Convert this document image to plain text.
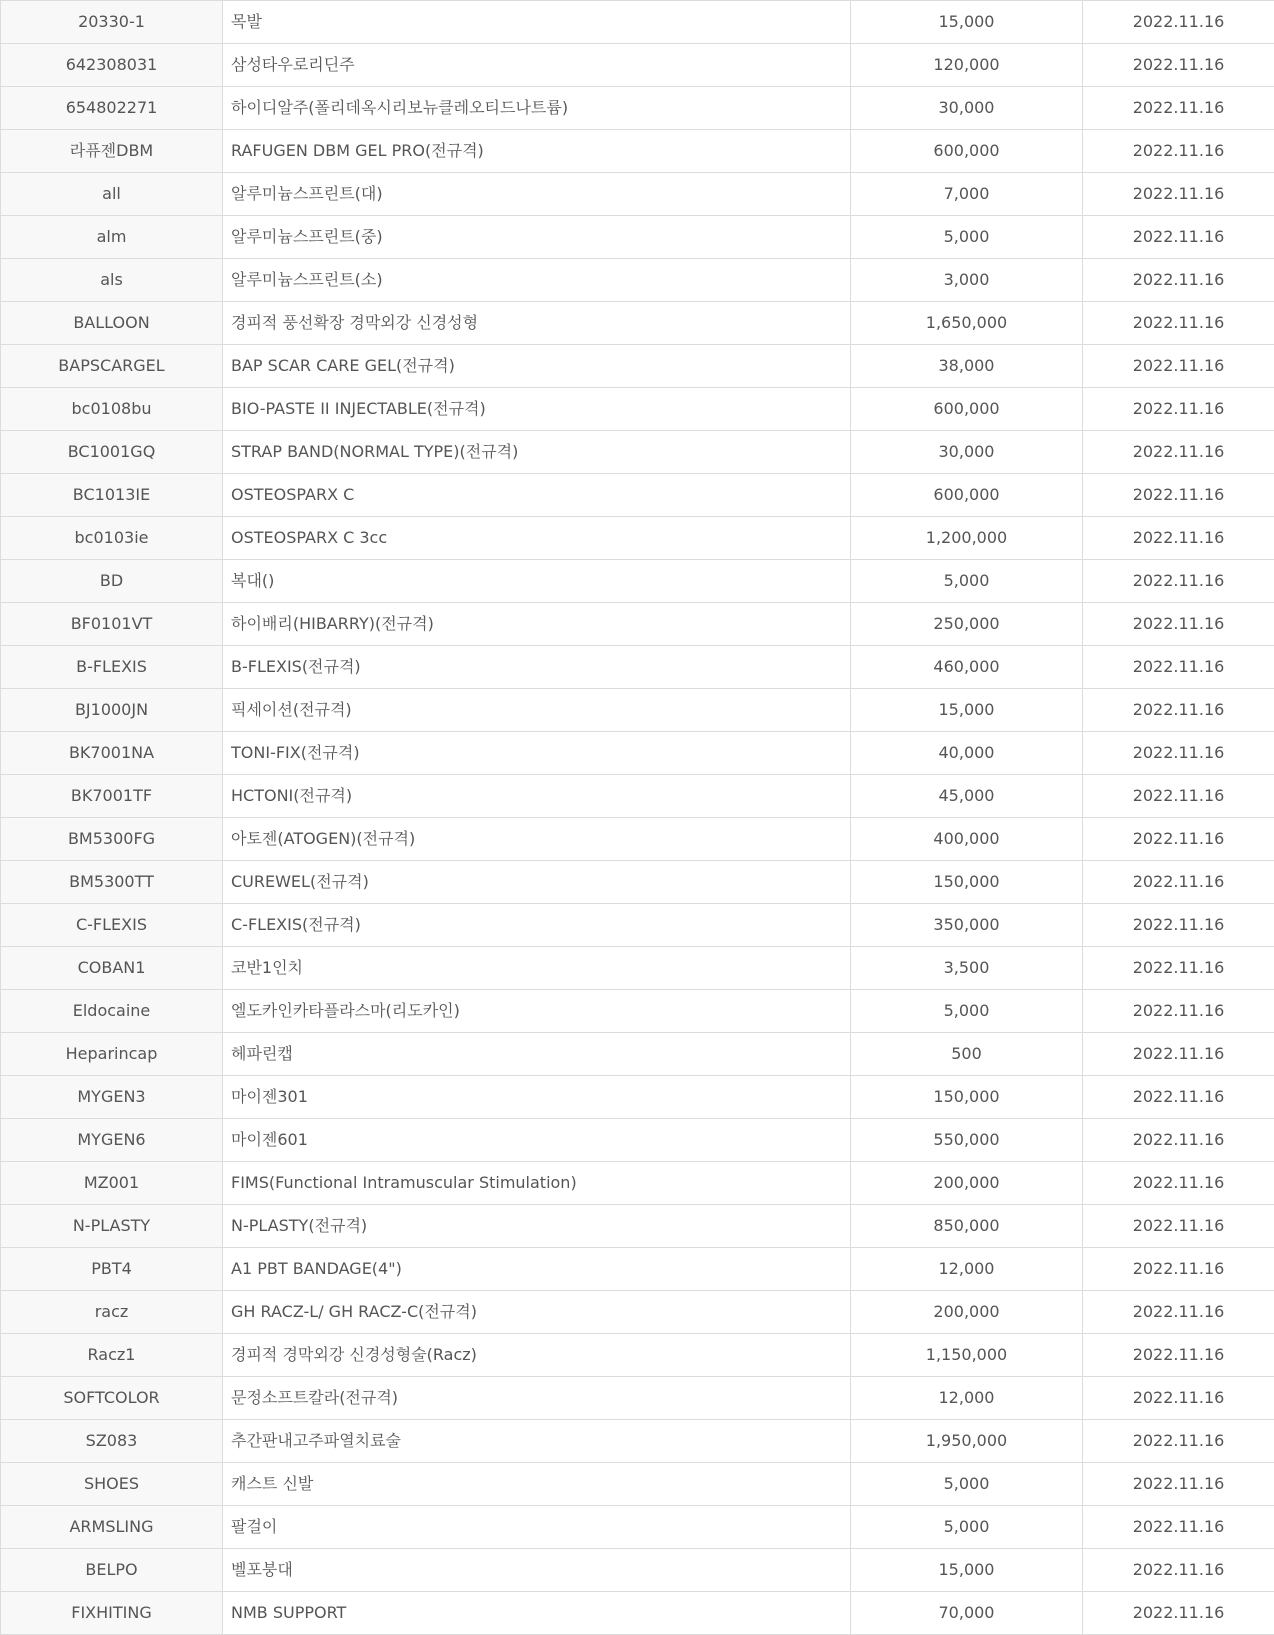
20330-1	목발	15,000	2022.11.16
642308031	삼성타우로리딘주	120,000	2022.11.16
654802271	하이디알주(폴리데옥시리보뉴클레오티드나트륨)	30,000	2022.11.16
라퓨젠DBM	RAFUGEN DBM GEL PRO(전규격)	600,000	2022.11.16
all	알루미늄스프린트(대)	7,000	2022.11.16
alm	알루미늄스프린트(중)	5,000	2022.11.16
als	알루미늄스프린트(소)	3,000	2022.11.16
BALLOON	경피적 풍선확장 경막외강 신경성형	1,650,000	2022.11.16
BAPSCARGEL	BAP SCAR CARE GEL(전규격)	38,000	2022.11.16
bc0108bu	BIO-PASTE II INJECTABLE(전규격)	600,000	2022.11.16
BC1001GQ	STRAP BAND(NORMAL TYPE)(전규격)	30,000	2022.11.16
BC1013IE	OSTEOSPARX C	600,000	2022.11.16
bc0103ie	OSTEOSPARX C 3cc	1,200,000	2022.11.16
BD	복대()	5,000	2022.11.16
BF0101VT	하이배리(HIBARRY)(전규격)	250,000	2022.11.16
B-FLEXIS	B-FLEXIS(전규격)	460,000	2022.11.16
BJ1000JN	픽세이션(전규격)	15,000	2022.11.16
BK7001NA	TONI-FIX(전규격)	40,000	2022.11.16
BK7001TF	HCTONI(전규격)	45,000	2022.11.16
BM5300FG	아토젠(ATOGEN)(전규격)	400,000	2022.11.16
BM5300TT	CUREWEL(전규격)	150,000	2022.11.16
C-FLEXIS	C-FLEXIS(전규격)	350,000	2022.11.16
COBAN1	코반1인치	3,500	2022.11.16
Eldocaine	엘도카인카타플라스마(리도카인)	5,000	2022.11.16
Heparincap	헤파린캡	500	2022.11.16
MYGEN3	마이젠301	150,000	2022.11.16
MYGEN6	마이젠601	550,000	2022.11.16
MZ001	FIMS(Functional Intramuscular Stimulation)	200,000	2022.11.16
N-PLASTY	N-PLASTY(전규격)	850,000	2022.11.16
PBT4	A1 PBT BANDAGE(4")	12,000	2022.11.16
racz	GH RACZ-L/ GH RACZ-C(전규격)	200,000	2022.11.16
Racz1	경피적 경막외강 신경성형술(Racz)	1,150,000	2022.11.16
SOFTCOLOR	문정소프트칼라(전규격)	12,000	2022.11.16
SZ083	추간판내고주파열치료술	1,950,000	2022.11.16
SHOES	캐스트 신발	5,000	2022.11.16
ARMSLING	팔걸이	5,000	2022.11.16
BELPO	벨포붕대	15,000	2022.11.16
FIXHITING	NMB SUPPORT	70,000	2022.11.16
